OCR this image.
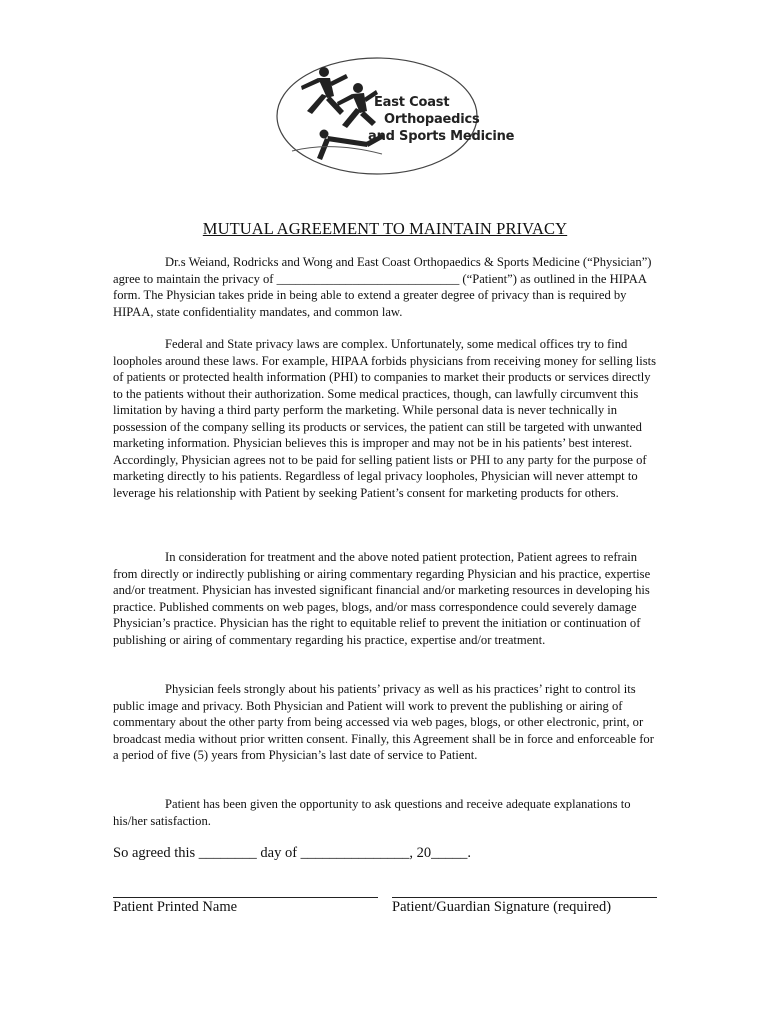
East Coast
Orthopaedics
and Sports Medicine
MUTUAL AGREEMENT TO MAINTAIN PRIVACY

Dr.s Weiand, Rodricks and Wong and East Coast Orthopaedics & Sports Medicine (“Physician”) agree to maintain the privacy of _____________________________ (“Patient”) as outlined in the HIPAA form. The Physician takes pride in being able to extend a greater degree of privacy than is required by HIPAA, state confidentiality mandates, and common law.

Federal and State privacy laws are complex. Unfortunately, some medical offices try to find loopholes around these laws. For example, HIPAA forbids physicians from receiving money for selling lists of patients or protected health information (PHI) to companies to market their products or services directly to the patients without their authorization. Some medical practices, though, can lawfully circumvent this limitation by having a third party perform the marketing. While personal data is never technically in possession of the company selling its products or services, the patient can still be targeted with unwanted marketing information. Physician believes this is improper and may not be in his patients’ best interest. Accordingly, Physician agrees not to be paid for selling patient lists or PHI to any party for the purpose of marketing directly to his patients. Regardless of legal privacy loopholes, Physician will never attempt to leverage his relationship with Patient by seeking Patient’s consent for marketing products for others.

In consideration for treatment and the above noted patient protection, Patient agrees to refrain from directly or indirectly publishing or airing commentary regarding Physician and his practice, expertise and/or treatment. Physician has invested significant financial and/or marketing resources in developing his practice. Published comments on web pages, blogs, and/or mass correspondence could severely damage Physician’s practice. Physician has the right to equitable relief to prevent the initiation or continuation of publishing or airing of commentary regarding his practice, expertise and/or treatment.

Physician feels strongly about his patients’ privacy as well as his practices’ right to control its public image and privacy. Both Physician and Patient will work to prevent the publishing or airing of commentary about the other party from being accessed via web pages, blogs, or other electronic, print, or broadcast media without prior written consent. Finally, this Agreement shall be in force and enforceable for a period of five (5) years from Physician’s last date of service to Patient.

Patient has been given the opportunity to ask questions and receive adequate explanations to his/her satisfaction.

So agreed this ________ day of _______________, 20_____.
Patient Printed Name	Patient/Guardian Signature (required)
